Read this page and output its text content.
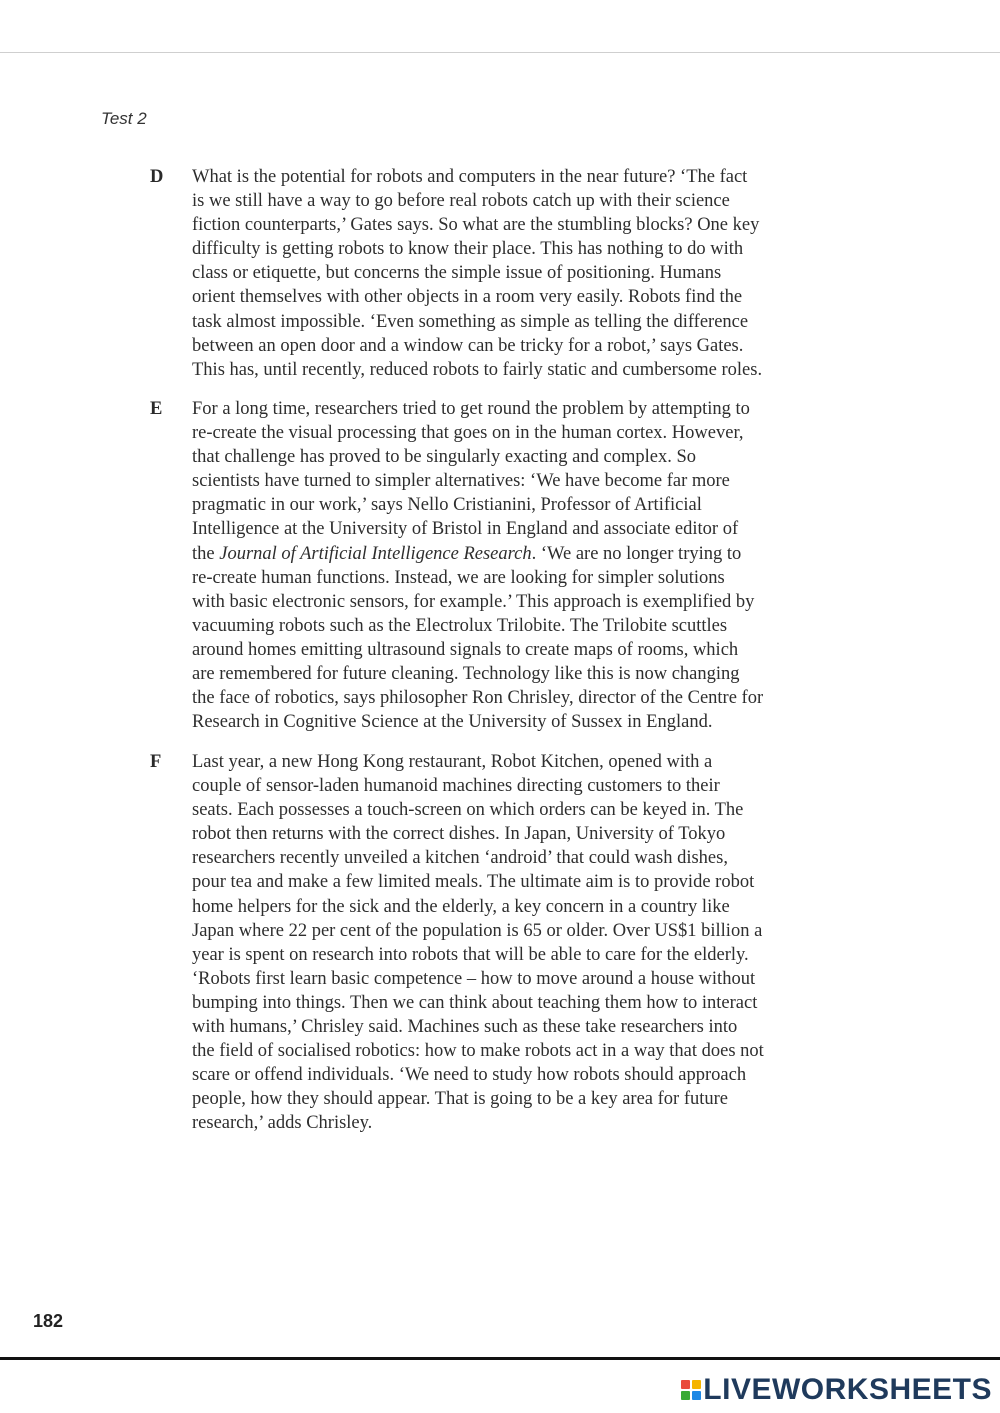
Test 2
D	What is the potential for robots and computers in the near future? ‘The fact
is we still have a way to go before real robots catch up with their science
fiction counterparts,’ Gates says. So what are the stumbling blocks? One key
difficulty is getting robots to know their place. This has nothing to do with
class or etiquette, but concerns the simple issue of positioning. Humans
orient themselves with other objects in a room very easily. Robots find the
task almost impossible. ‘Even something as simple as telling the difference
between an open door and a window can be tricky for a robot,’ says Gates.
This has, until recently, reduced robots to fairly static and cumbersome roles.
E	For a long time, researchers tried to get round the problem by attempting to
re-create the visual processing that goes on in the human cortex. However,
that challenge has proved to be singularly exacting and complex. So
scientists have turned to simpler alternatives: ‘We have become far more
pragmatic in our work,’ says Nello Cristianini, Professor of Artificial
Intelligence at the University of Bristol in England and associate editor of
the Journal of Artificial Intelligence Research. ‘We are no longer trying to
re-create human functions. Instead, we are looking for simpler solutions
with basic electronic sensors, for example.’ This approach is exemplified by
vacuuming robots such as the Electrolux Trilobite. The Trilobite scuttles
around homes emitting ultrasound signals to create maps of rooms, which
are remembered for future cleaning. Technology like this is now changing
the face of robotics, says philosopher Ron Chrisley, director of the Centre for
Research in Cognitive Science at the University of Sussex in England.
F	Last year, a new Hong Kong restaurant, Robot Kitchen, opened with a
couple of sensor-laden humanoid machines directing customers to their
seats. Each possesses a touch-screen on which orders can be keyed in. The
robot then returns with the correct dishes. In Japan, University of Tokyo
researchers recently unveiled a kitchen ‘android’ that could wash dishes,
pour tea and make a few limited meals. The ultimate aim is to provide robot
home helpers for the sick and the elderly, a key concern in a country like
Japan where 22 per cent of the population is 65 or older. Over US$1 billion a
year is spent on research into robots that will be able to care for the elderly.
‘Robots first learn basic competence – how to move around a house without
bumping into things. Then we can think about teaching them how to interact
with humans,’ Chrisley said. Machines such as these take researchers into
the field of socialised robotics: how to make robots act in a way that does not
scare or offend individuals. ‘We need to study how robots should approach
people, how they should appear. That is going to be a key area for future
research,’ adds Chrisley.
182
LIVEWORKSHEETS
